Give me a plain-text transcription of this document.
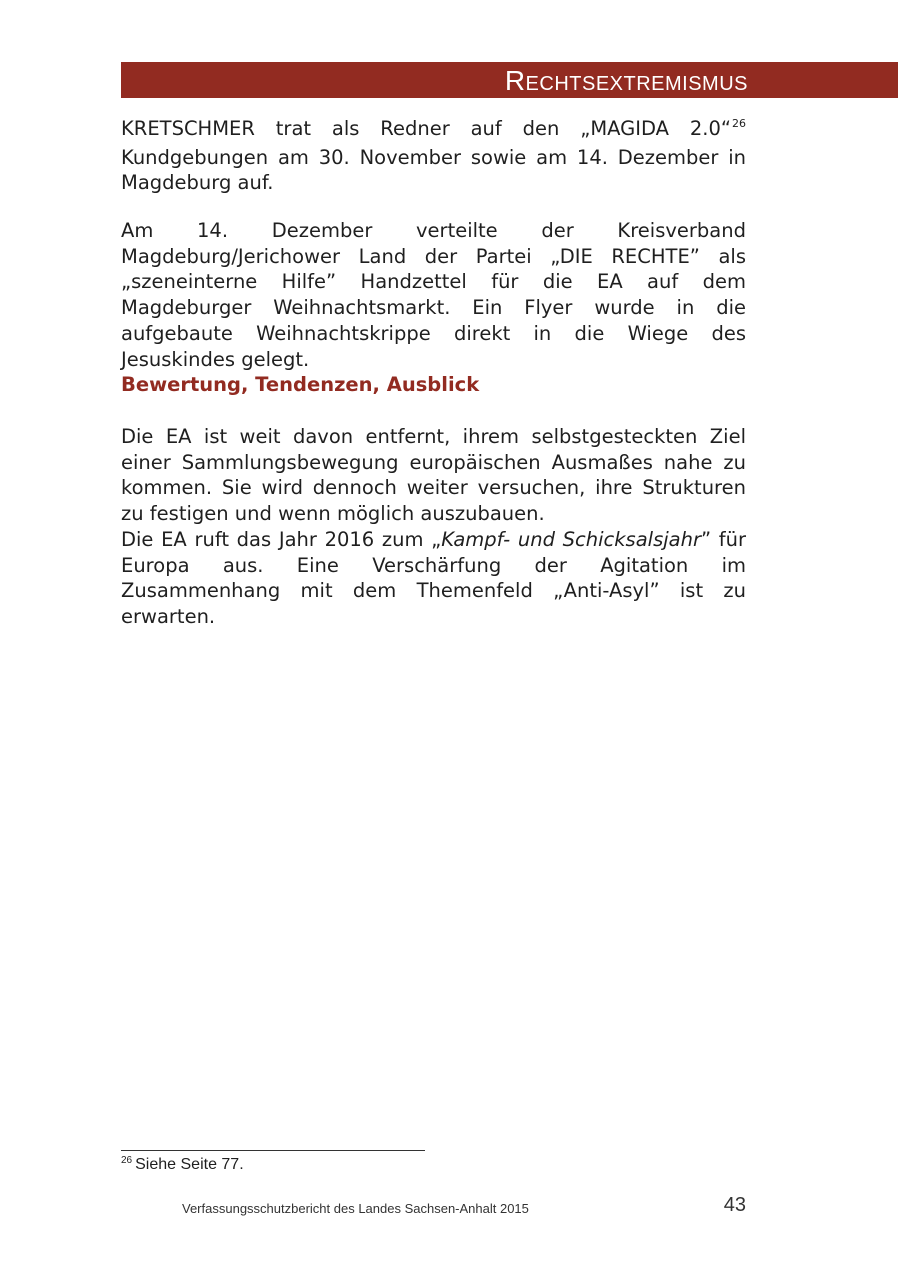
Rechtsextremismus

KRETSCHMER trat als Redner auf den „MAGIDA 2.0“$^{26}$ Kundgebungen am 30. November sowie am 14. Dezember in Magdeburg auf.

Am 14. Dezember verteilte der Kreisverband Magdeburg/Jerichower Land der Partei „DIE RECHTE” als „szeneinterne Hilfe” Handzettel für die EA auf dem Magdeburger Weihnachtsmarkt. Ein Flyer wurde in die aufgebaute Weihnachtskrippe direkt in die Wiege des Jesuskindes gelegt.

Bewertung, Tendenzen, Ausblick

Die EA ist weit davon entfernt, ihrem selbstgesteckten Ziel einer Sammlungsbewegung europäischen Ausmaßes nahe zu kommen. Sie wird dennoch weiter versuchen, ihre Strukturen zu festigen und wenn möglich auszubauen.

Die EA ruft das Jahr 2016 zum „Kampf- und Schicksalsjahr” für Europa aus. Eine Verschärfung der Agitation im Zusammenhang mit dem Themenfeld „Anti-Asyl” ist zu erwarten.

$^{26}$ Siehe Seite 77.

Verfassungsschutzbericht des Landes Sachsen-Anhalt 2015	43
